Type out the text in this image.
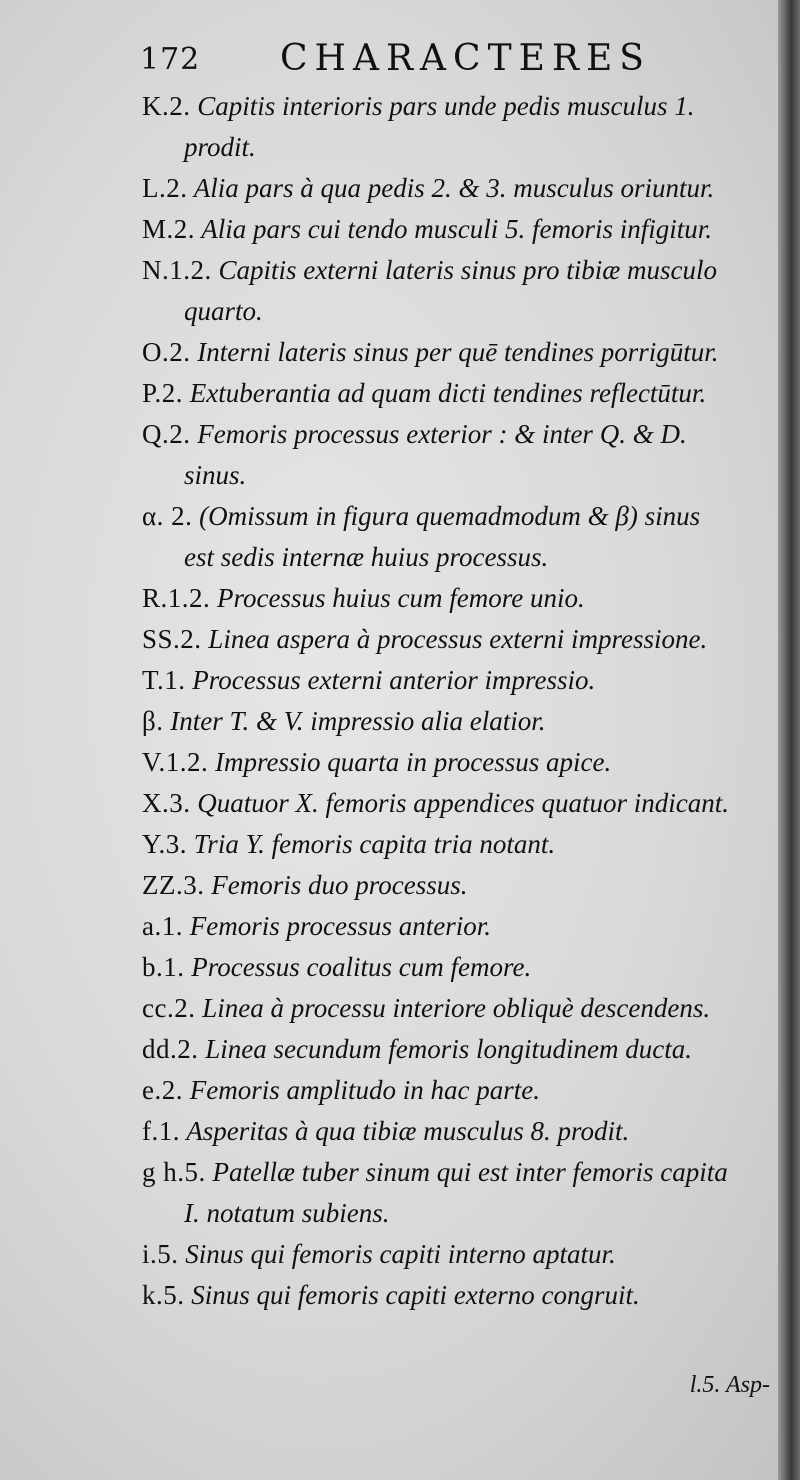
172 CHARACTERES

K.2. Capitis interioris pars unde pedis musculus 1.
prodit.

L.2. Alia pars à qua pedis 2. & 3. musculus oriuntur.

M.2. Alia pars cui tendo musculi 5. femoris infigitur.

N.1.2. Capitis externi lateris sinus pro tibiæ musculo
quarto.

O.2. Interni lateris sinus per quē tendines porrigūtur.

P.2. Extuberantia ad quam dicti tendines reflectūtur.

Q.2. Femoris processus exterior : & inter Q. & D.
sinus.

α. 2. (Omissum in figura quemadmodum & β) sinus
est sedis internæ huius processus.

R.1.2. Processus huius cum femore unio.

SS.2. Linea aspera à processus externi impressione.

T.1. Processus externi anterior impressio.

β. Inter T. & V. impressio alia elatior.

V.1.2. Impressio quarta in processus apice.

X.3. Quatuor X. femoris appendices quatuor indicant.

Y.3. Tria Y. femoris capita tria notant.

ZZ.3. Femoris duo processus.

a.1. Femoris processus anterior.

b.1. Processus coalitus cum femore.

cc.2. Linea à processu interiore obliquè descendens.

dd.2. Linea secundum femoris longitudinem ducta.

e.2. Femoris amplitudo in hac parte.

f.1. Asperitas à qua tibiæ musculus 8. prodit.

g h.5. Patellæ tuber sinum qui est inter femoris capita
I. notatum subiens.

i.5. Sinus qui femoris capiti interno aptatur.

k.5. Sinus qui femoris capiti externo congruit.

l.5. Asp-
